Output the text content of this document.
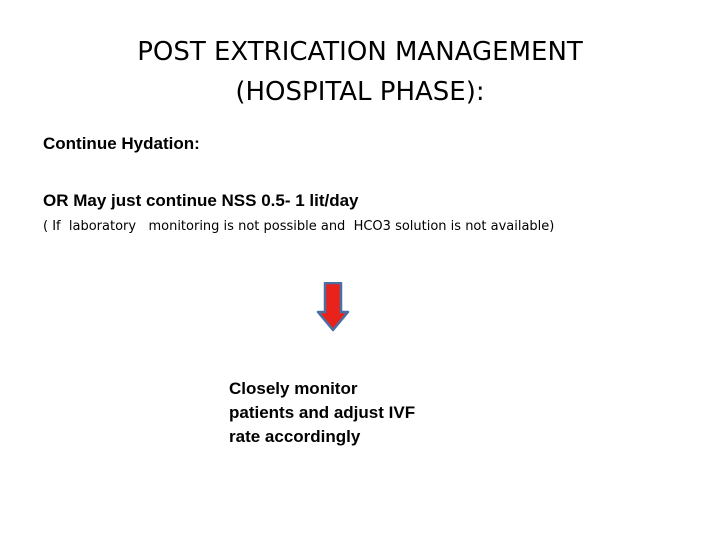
POST EXTRICATION MANAGEMENT
(HOSPITAL PHASE):
Continue Hydation:
OR May just continue NSS 0.5- 1 lit/day
( If  laboratory   monitoring is not possible and  HCO3 solution is not available)
Closely monitor
patients and adjust IVF
rate accordingly
